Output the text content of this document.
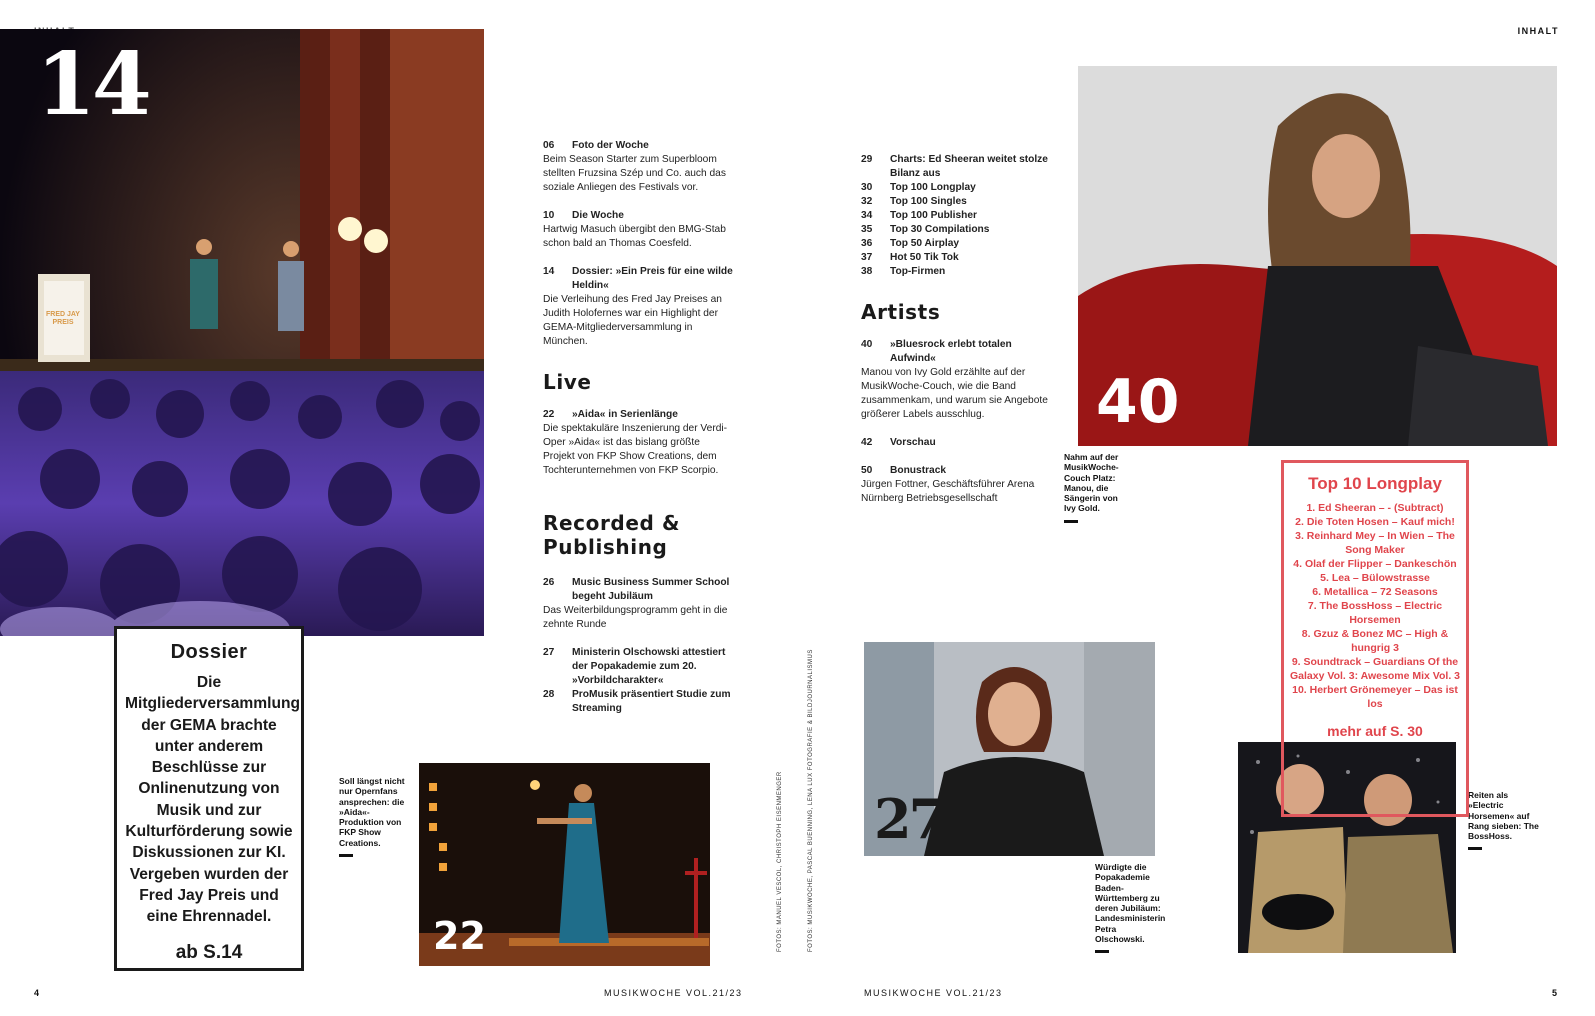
INHALT
FRED JAY PREIS
14
Dossier
Die Mitgliederversammlung der GEMA brachte unter anderem Beschlüsse zur Onlinenutzung von Musik und zur Kulturförderung sowie Diskussionen zur KI. Vergeben wurden der Fred Jay Preis und eine Ehrennadel.
ab S.14
06	Foto der Woche
Beim Season Starter zum Superbloom stellten Fruzsina Szép und Co. auch das soziale Anliegen des Festivals vor.
10	Die Woche
Hartwig Masuch übergibt den BMG-Stab schon bald an Thomas Coesfeld.
14	Dossier: »Ein Preis für eine wilde Heldin«
Die Verleihung des Fred Jay Preises an Judith Holofernes war ein Highlight der GEMA-Mitgliederversammlung in München.
Live
22	»Aida« in Serienlänge
Die spektakuläre Inszenierung der Verdi-Oper »Aida« ist das bislang größte Projekt von FKP Show Creations, dem Tochterunternehmen von FKP Scorpio.
Recorded & Publishing
26	Music Business Summer School begeht Jubiläum
Das Weiterbildungsprogramm geht in die zehnte Runde
27	Ministerin Olschowski attestiert der Popakademie zum 20. »Vorbildcharakter«
28	ProMusik präsentiert Studie zum Streaming
Soll längst nicht nur Opernfans ansprechen: die »Aida«-Produktion von FKP Show Creations.
22	FOTOS: MANUEL VESCOL, CHRISTOPH EISENMENGER	FOTOS: MUSIKWOCHE, PASCAL BUENNING, LENA LUX FOTOGRAFIE & BILDJOURNALISMUS
29	Charts: Ed Sheeran weitet stolze Bilanz aus
30	Top 100 Longplay
32	Top 100 Singles
34	Top 100 Publisher
35	Top 30 Compilations
36	Top 50 Airplay
37	Hot 50 Tik Tok
38	Top-Firmen
Artists
40	»Bluesrock erlebt totalen Aufwind«
Manou von Ivy Gold erzählte auf der MusikWoche-Couch, wie die Band zusammenkam, und warum sie Angebote größerer Labels ausschlug.
42	Vorschau
50	Bonustrack
Jürgen Fottner, Geschäftsführer Arena Nürnberg Betriebsgesellschaft
40
Nahm auf der MusikWoche-Couch Platz: Manou, die Sängerin von Ivy Gold.
27
Würdigte die Popakademie Baden-Württemberg zu deren Jubiläum: Landesministerin Petra Olschowski.
Reiten als »Electric Horsemen« auf Rang sieben: The BossHoss.
Top 10 Longplay
1. Ed Sheeran – - (Subtract)
2. Die Toten Hosen – Kauf mich!
3. Reinhard Mey – In Wien – The Song Maker
4. Olaf der Flipper – Dankeschön
5. Lea – Bülowstrasse
6. Metallica – 72 Seasons
7. The BossHoss – Electric Horsemen
8. Gzuz & Bonez MC – High & hungrig 3
9. Soundtrack – Guardians Of the Galaxy Vol. 3: Awesome Mix Vol. 3
10. Herbert Grönemeyer – Das ist los
mehr auf S. 30
4	MUSIKWOCHE VOL.21/23	MUSIKWOCHE VOL.21/23	5
